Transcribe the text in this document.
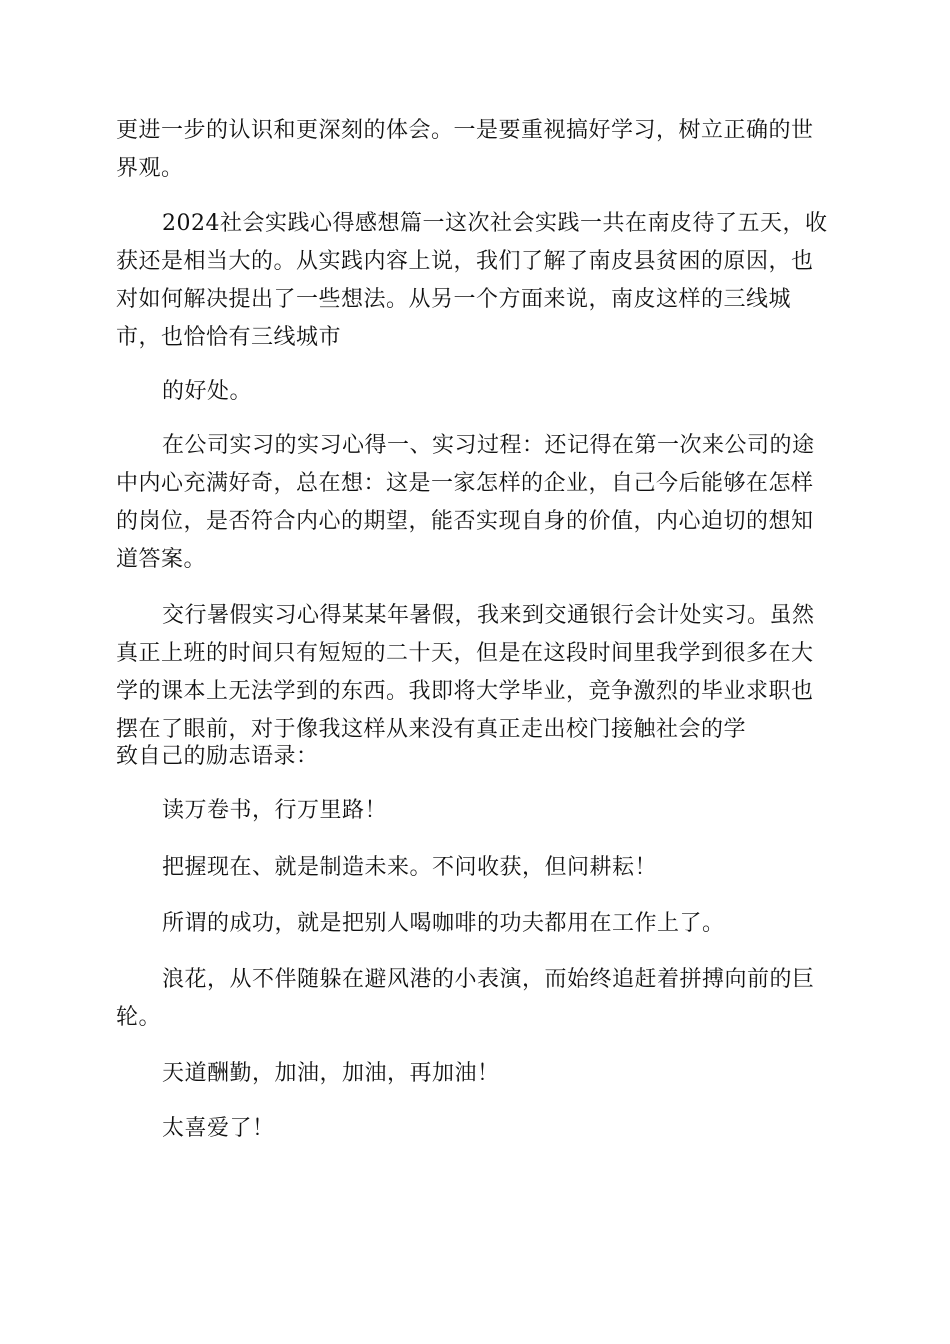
更进一步的认识和更深刻的体会。一是要重视搞好学习，树立正确的世界观。

2024社会实践心得感想篇一这次社会实践一共在南皮待了五天，收获还是相当大的。从实践内容上说，我们了解了南皮县贫困的原因，也对如何解决提出了一些想法。从另一个方面来说，南皮这样的三线城市，也恰恰有三线城市

的好处。

在公司实习的实习心得一、实习过程：还记得在第一次来公司的途中内心充满好奇，总在想：这是一家怎样的企业，自己今后能够在怎样的岗位，是否符合内心的期望，能否实现自身的价值，内心迫切的想知道答案。

交行暑假实习心得某某年暑假，我来到交通银行会计处实习。虽然真正上班的时间只有短短的二十天，但是在这段时间里我学到很多在大学的课本上无法学到的东西。我即将大学毕业，竞争激烈的毕业求职也摆在了眼前，对于像我这样从来没有真正走出校门接触社会的学

致自己的励志语录：

读万卷书，行万里路！

把握现在、就是制造未来。不问收获，但问耕耘！

所谓的成功，就是把别人喝咖啡的功夫都用在工作上了。

浪花，从不伴随躲在避风港的小表演，而始终追赶着拼搏向前的巨轮。

天道酬勤，加油，加油，再加油！

太喜爱了！
